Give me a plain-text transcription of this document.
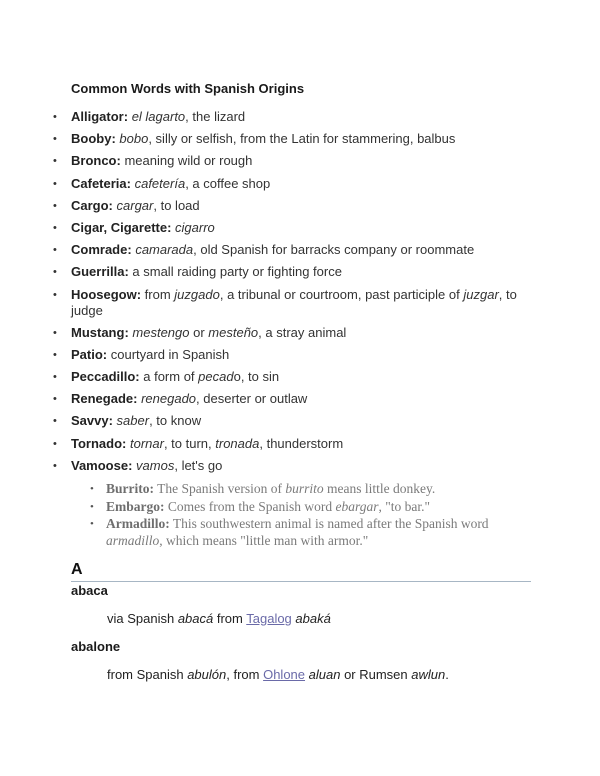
Common Words with Spanish Origins
• Alligator: el lagarto, the lizard
• Booby: bobo, silly or selfish, from the Latin for stammering, balbus
• Bronco: meaning wild or rough
• Cafeteria: cafetería, a coffee shop
• Cargo: cargar, to load
• Cigar, Cigarette: cigarro
• Comrade: camarada, old Spanish for barracks company or roommate
• Guerrilla: a small raiding party or fighting force
• Hoosegow: from juzgado, a tribunal or courtroom, past participle of juzgar, to judge
• Mustang: mestengo or mesteño, a stray animal
• Patio: courtyard in Spanish
• Peccadillo: a form of pecado, to sin
• Renegade: renegado, deserter or outlaw
• Savvy: saber, to know
• Tornado: tornar, to turn, tronada, thunderstorm
• Vamoose: vamos, let's go
• Burrito: The Spanish version of burrito means little donkey.
• Embargo: Comes from the Spanish word ebargar, "to bar."
• Armadillo: This southwestern animal is named after the Spanish word armadillo, which means "little man with armor."
A
abaca
via Spanish abacá from Tagalog abaká
abalone
from Spanish abulón, from Ohlone aluan or Rumsen awlun.
